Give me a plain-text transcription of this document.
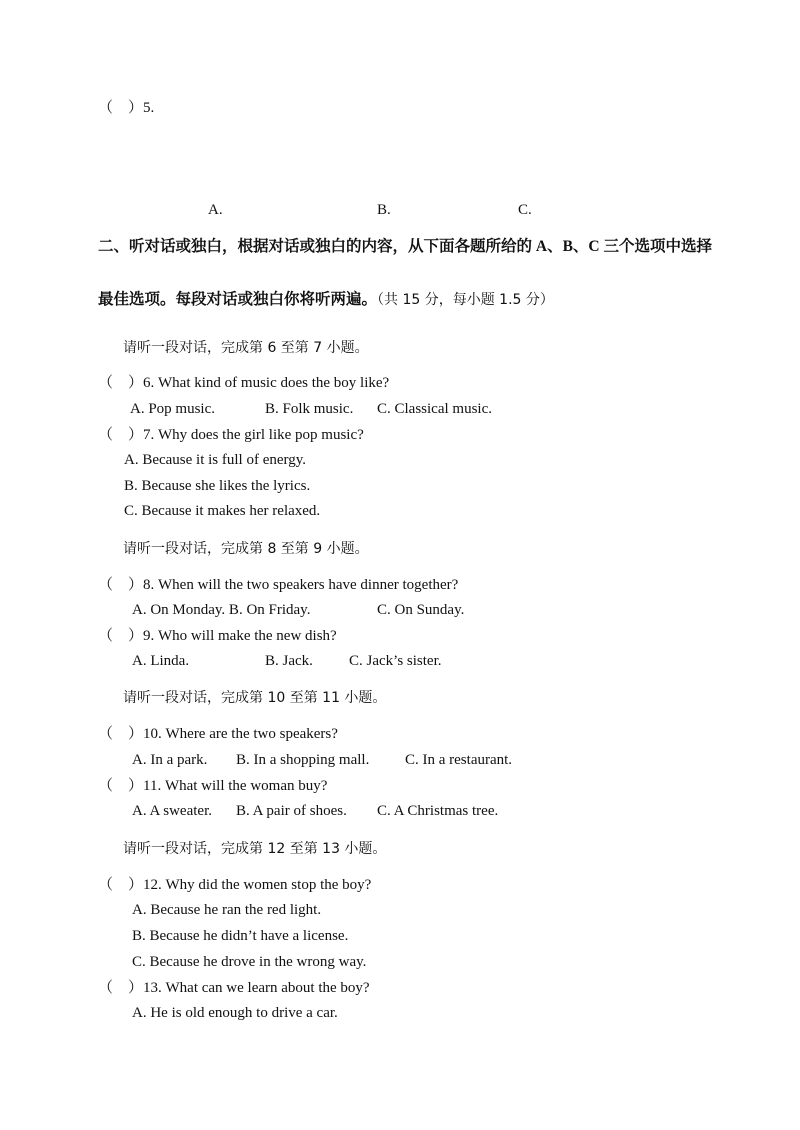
（　）5.
A.	B.	C.
二、听对话或独白，根据对话或独白的内容，从下面各题所给的 A、B、C 三个选项中选择
最佳选项。每段对话或独白你将听两遍。（共 15 分，每小题 1.5 分）
请听一段对话，完成第 6 至第 7 小题。
（　）6. What kind of music does the boy like?
A. Pop music.	B. Folk music. C. Classical music.
（　）7. Why does the girl like pop music?
A. Because it is full of energy.
B. Because she likes the lyrics.
C. Because it makes her relaxed.
请听一段对话，完成第 8 至第 9 小题。
（　）8. When will the two speakers have dinner together?
A. On Monday. B. On Friday.	C. On Sunday.
（　）9. Who will make the new dish?
A. Linda.	B. Jack. C. Jack’s sister.
请听一段对话，完成第 10 至第 11 小题。
（　）10. Where are the two speakers?
A. In a park. B. In a shopping mall. C. In a restaurant.
（　）11. What will the woman buy?
A. A sweater. B. A pair of shoes. C. A Christmas tree.
请听一段对话，完成第 12 至第 13 小题。
（　）12. Why did the women stop the boy?
A. Because he ran the red light.
B. Because he didn’t have a license.
C. Because he drove in the wrong way.
（　）13. What can we learn about the boy?
A. He is old enough to drive a car.
